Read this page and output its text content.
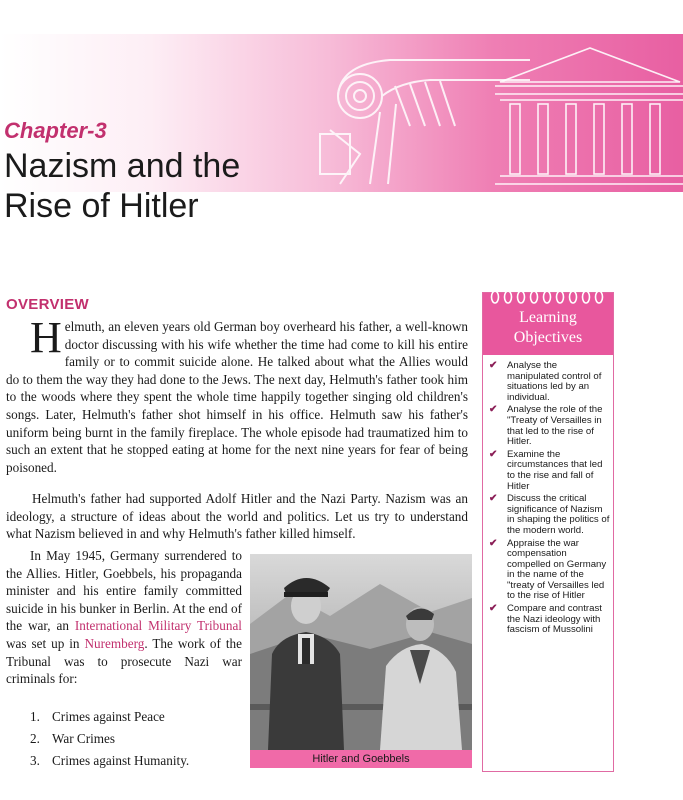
Chapter-3
Nazism and the
Rise of Hitler
OVERVIEW

Helmuth, an eleven years old German boy overheard his father, a well-known doctor discussing with his wife whether the time had come to kill his entire family or to commit suicide alone. He talked about what the Allies would do to them the way they had done to the Jews. The next day, Helmuth's father took him to the woods where they spent the whole time happily together singing old children's songs. Later, Helmuth's father shot himself in his office. Helmuth saw his father's uniform being burnt in the family fireplace. The whole episode had traumatized him to such an extent that he stopped eating at home for the next nine years for fear of being poisoned.

Helmuth's father had supported Adolf Hitler and the Nazi Party. Nazism was an ideology, a structure of ideas about the world and politics. Let us try to understand what Nazism believed in and why Helmuth's father killed himself.

In May 1945, Germany surrendered to the Allies. Hitler, Goebbels, his propaganda minister and his entire family committed suicide in his bunker in Berlin. At the end of the war, an International Military Tribunal was set up in Nuremberg. The work of the Tribunal was to prosecute Nazi war criminals for:

1. Crimes against Peace
2. War Crimes
3. Crimes against Humanity.	Hitler and Goebbels
Learning
Objectives
✔ Analyse the manipulated control of situations led by an individual.
✔ Analyse the role of the "Treaty of Versailles in that led to the rise of Hitler.
✔ Examine the circumstances that led to the rise and fall of Hitler
✔ Discuss the critical significance of Nazism in shaping the politics of the modern world.
✔ Appraise the war compensation compelled on Germany in the name of the "treaty of Versailles led to the rise of Hitler
✔ Compare and contrast the Nazi ideology with fascism of Mussolini
